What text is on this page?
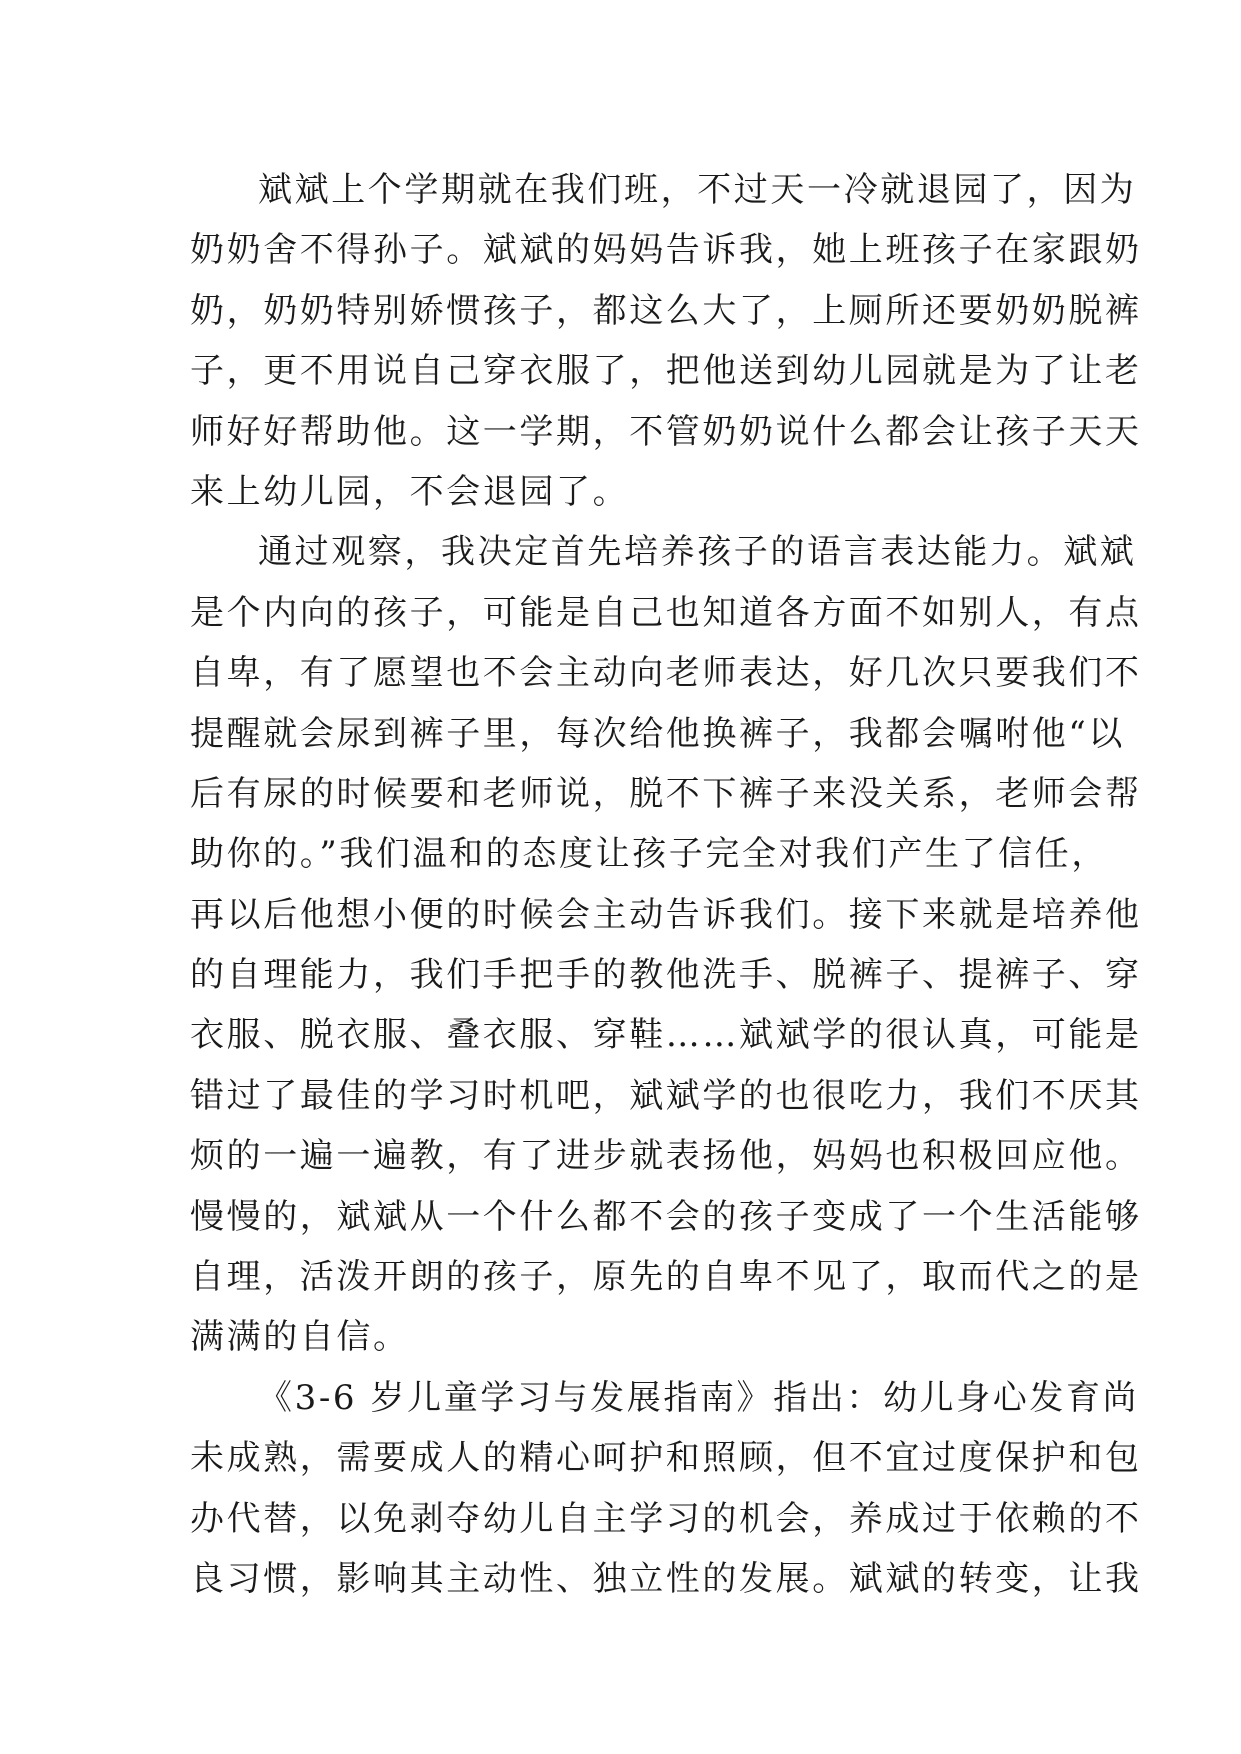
斌斌上个学期就在我们班，不过天一冷就退园了，因为
奶奶舍不得孙子。斌斌的妈妈告诉我，她上班孩子在家跟奶
奶，奶奶特别娇惯孩子，都这么大了，上厕所还要奶奶脱裤
子，更不用说自己穿衣服了，把他送到幼儿园就是为了让老
师好好帮助他。这一学期，不管奶奶说什么都会让孩子天天
来上幼儿园，不会退园了。
通过观察，我决定首先培养孩子的语言表达能力。斌斌
是个内向的孩子，可能是自己也知道各方面不如别人，有点
自卑，有了愿望也不会主动向老师表达，好几次只要我们不
提醒就会尿到裤子里，每次给他换裤子，我都会嘱咐他“以
后有尿的时候要和老师说，脱不下裤子来没关系，老师会帮
助你的。”我们温和的态度让孩子完全对我们产生了信任，
再以后他想小便的时候会主动告诉我们。接下来就是培养他
的自理能力，我们手把手的教他洗手、脱裤子、提裤子、穿
衣服、脱衣服、叠衣服、穿鞋……斌斌学的很认真，可能是
错过了最佳的学习时机吧，斌斌学的也很吃力，我们不厌其
烦的一遍一遍教，有了进步就表扬他，妈妈也积极回应他。
慢慢的，斌斌从一个什么都不会的孩子变成了一个生活能够
自理，活泼开朗的孩子，原先的自卑不见了，取而代之的是
满满的自信。
《3-6 岁儿童学习与发展指南》指出：幼儿身心发育尚
未成熟，需要成人的精心呵护和照顾，但不宜过度保护和包
办代替，以免剥夺幼儿自主学习的机会，养成过于依赖的不
良习惯，影响其主动性、独立性的发展。斌斌的转变，让我
